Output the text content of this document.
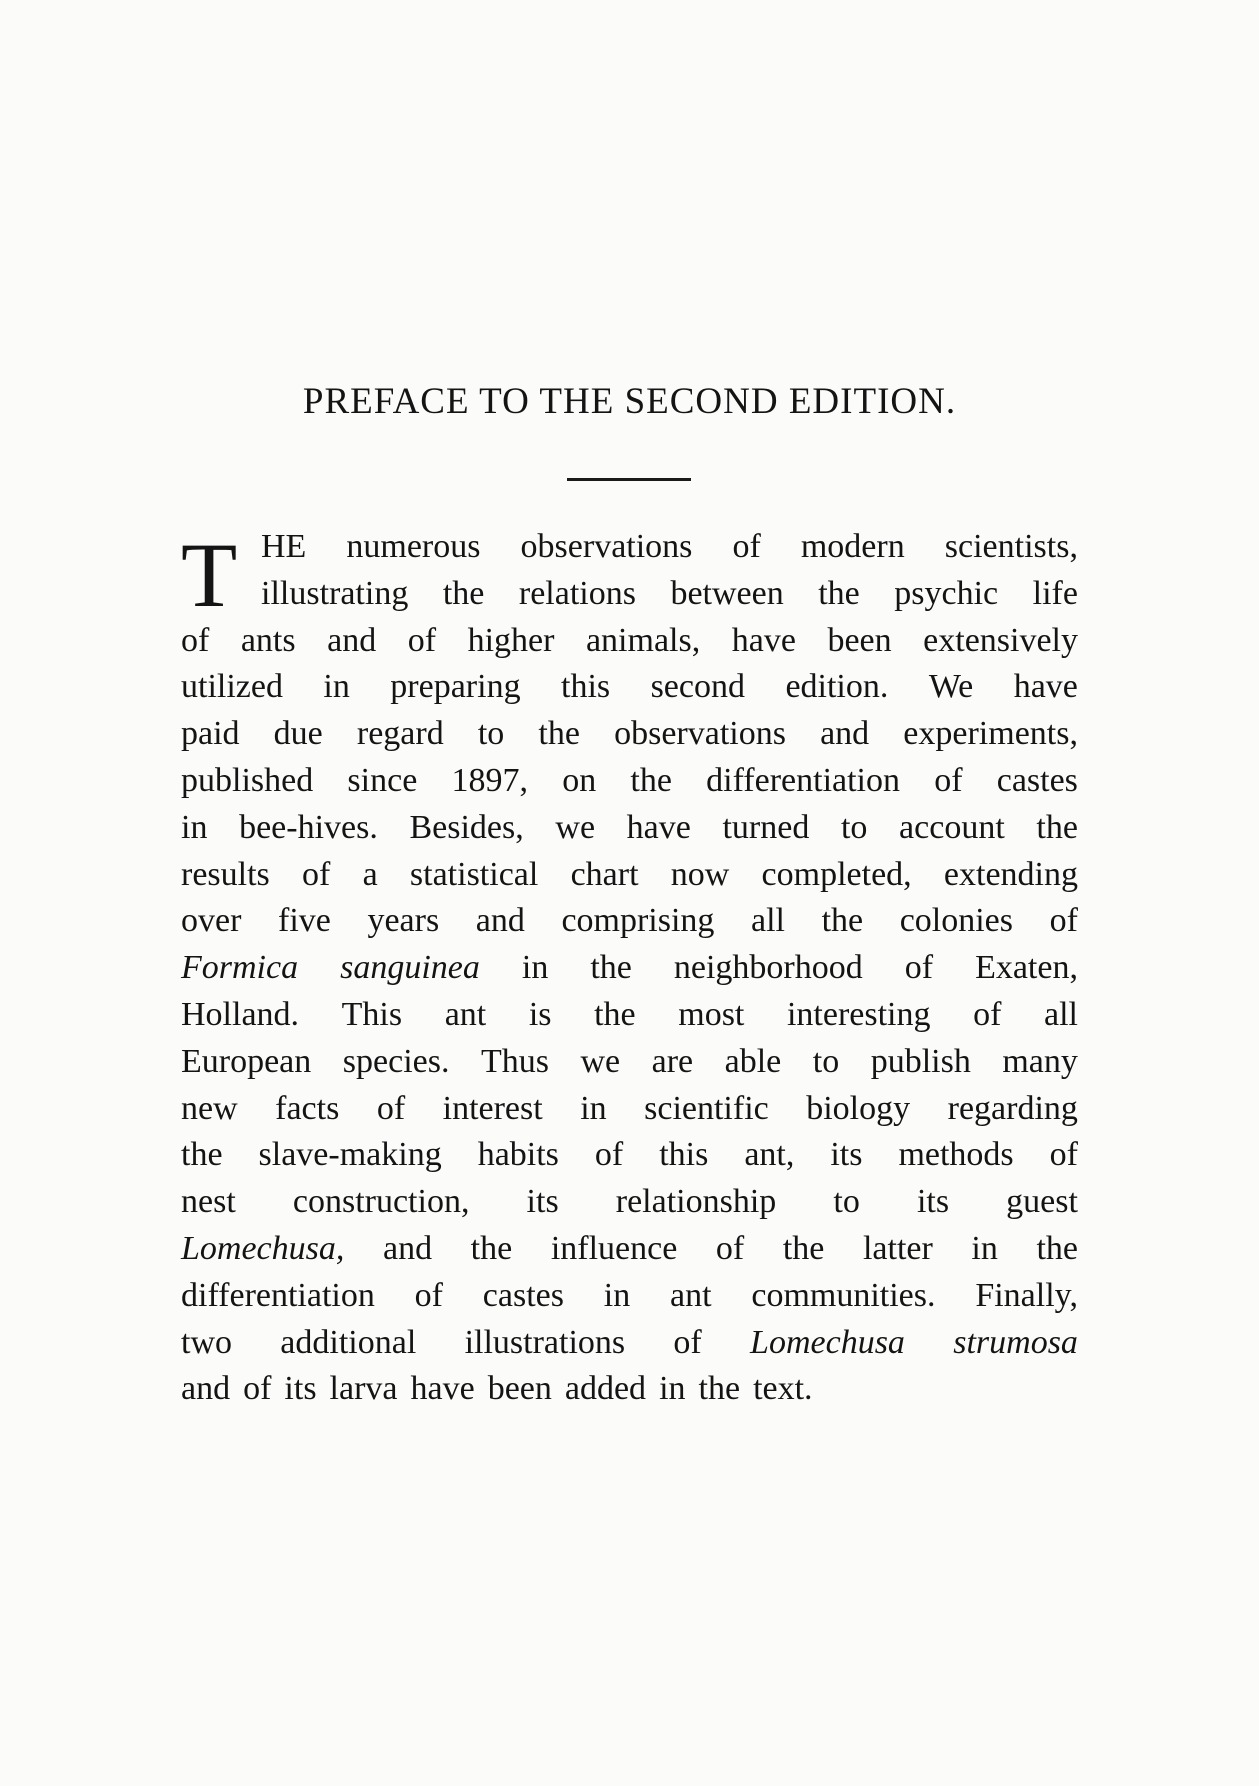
PREFACE TO THE SECOND EDITION.
T HE numerous observations of modern scientists,
illustrating the relations between the psychic life
of ants and of higher animals, have been extensively
utilized in preparing this second edition. We have
paid due regard to the observations and experiments,
published since 1897, on the differentiation of castes
in bee-hives. Besides, we have turned to account the
results of a statistical chart now completed, extending
over five years and comprising all the colonies of
Formica sanguinea in the neighborhood of Exaten,
Holland. This ant is the most interesting of all
European species. Thus we are able to publish many
new facts of interest in scientific biology regarding
the slave-making habits of this ant, its methods of
nest construction, its relationship to its guest
Lomechusa, and the influence of the latter in the
differentiation of castes in ant communities. Finally,
two additional illustrations of Lomechusa strumosa
and of its larva have been added in the text.
